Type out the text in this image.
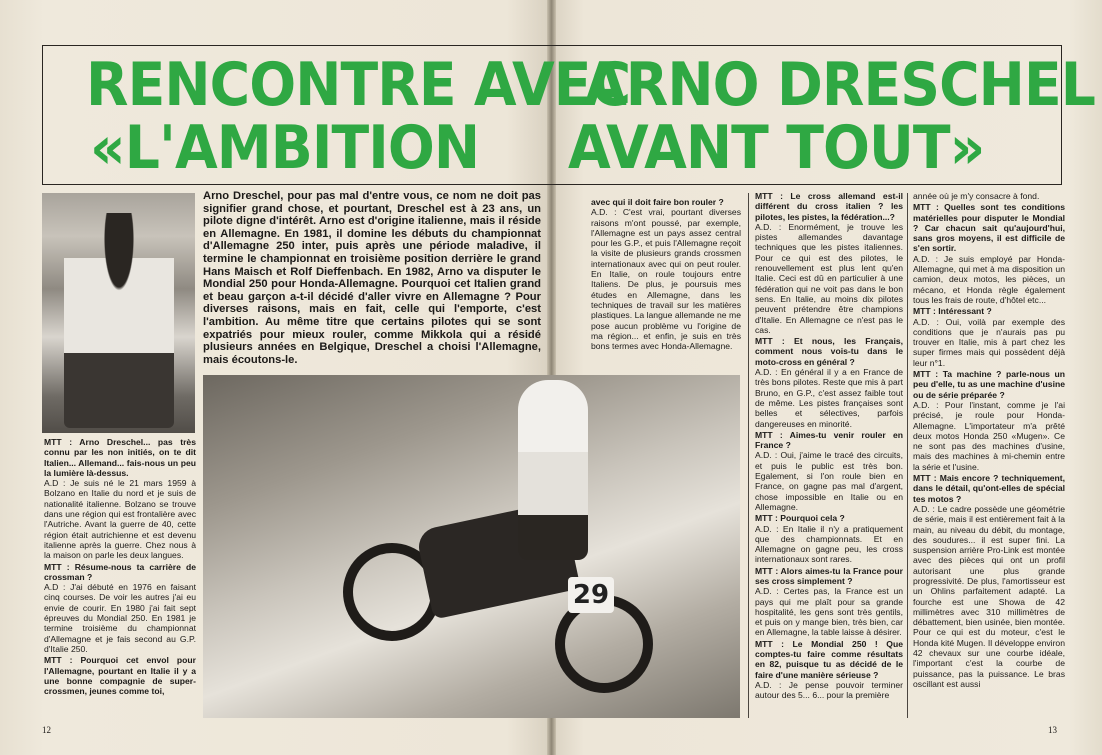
RENCONTRE AVEC
ARNO DRESCHEL
«L'AMBITION AVANT TOUT»
Arno Dreschel, pour pas mal d'entre vous, ce nom ne doit pas signifier grand chose, et pourtant, Dreschel est à 23 ans, un pilote digne d'intérêt. Arno est d'origine italienne, mais il réside en Allemagne. En 1981, il domine les débuts du championnat d'Allemagne 250 inter, puis après une période maladive, il termine le championnat en troisième position derrière le grand Hans Maisch et Rolf Dieffenbach. En 1982, Arno va disputer le Mondial 250 pour Honda-Allemagne. Pourquoi cet Italien grand et beau garçon a-t-il décidé d'aller vivre en Allemagne ? Pour diverses raisons, mais en fait, celle qui l'emporte, c'est l'ambition. Au même titre que certains pilotes qui se sont expatriés pour mieux rouler, comme Mikkola qui a résidé plusieurs années en Belgique, Dreschel a choisi l'Allemagne, mais écoutons-le.
29

MTT : Arno Dreschel... pas très connu par les non initiés, on te dit Italien... Allemand... fais-nous un peu la lumière là-dessus.
A.D : Je suis né le 21 mars 1959 à Bolzano en Italie du nord et je suis de nationalité italienne. Bolzano se trouve dans une région qui est frontalière avec l'Autriche. Avant la guerre de 40, cette région était autrichienne et est devenu italienne après la guerre. Chez nous à la maison on parle les deux langues.

MTT : Résume-nous ta carrière de crossman ?
A.D : J'ai débuté en 1976 en faisant cinq courses. De voir les autres j'ai eu envie de courir. En 1980 j'ai fait sept épreuves du Mondial 250. En 1981 je termine troisième du championnat d'Allemagne et je fais second au G.P. d'Italie 250.

MTT : Pourquoi cet envol pour l'Allemagne, pourtant en Italie il y a une bonne compagnie de super-crossmen, jeunes comme toi,

avec qui il doit faire bon rouler ?
A.D. : C'est vrai, pourtant diverses raisons m'ont poussé, par exemple, l'Allemagne est un pays assez central pour les G.P., et puis l'Allemagne reçoit la visite de plusieurs grands crossmen internationaux avec qui on peut rouler. En Italie, on roule toujours entre Italiens. De plus, je poursuis mes études en Allemagne, dans les techniques de travail sur les matières plastiques. La langue allemande ne me pose aucun problème vu l'origine de ma région... et enfin, je suis en très bons termes avec Honda-Allemagne.

MTT : Le cross allemand est-il différent du cross italien ? les pilotes, les pistes, la fédération...?
A.D. : Enormément, je trouve les pistes allemandes davantage techniques que les pistes italiennes. Pour ce qui est des pilotes, le renouvellement est plus lent qu'en Italie. Ceci est dû en particulier à une fédération qui ne voit pas dans le bon sens. En Italie, au moins dix pilotes peuvent prétendre être champions d'Italie. En Allemagne ce n'est pas le cas.

MTT : Et nous, les Français, comment nous vois-tu dans le moto-cross en général ?
A.D. : En général il y a en France de très bons pilotes. Reste que mis à part Bruno, en G.P., c'est assez faible tout de même. Les pistes françaises sont belles et sélectives, parfois dangereuses en minorité.

MTT : Aimes-tu venir rouler en France ?
A.D. : Oui, j'aime le tracé des circuits, et puis le public est très bon. Egalement, si l'on roule bien en France, on gagne pas mal d'argent, chose impossible en Italie ou en Allemagne.

MTT : Pourquoi cela ?
A.D. : En Italie il n'y a pratiquement que des championnats. Et en Allemagne on gagne peu, les cross internationaux sont rares.

MTT : Alors aimes-tu la France pour ses cross simplement ?
A.D. : Certes pas, la France est un pays qui me plaît pour sa grande hospitalité, les gens sont très gentils, et puis on y mange bien, très bien, car en Allemagne, la table laisse à désirer.

MTT : Le Mondial 250 ! Que comptes-tu faire comme résultats en 82, puisque tu as décidé de le faire d'une manière sérieuse ?
A.D. : Je pense pouvoir terminer autour des 5... 6... pour la première

année où je m'y consacre à fond.

MTT : Quelles sont tes conditions matérielles pour disputer le Mondial ? Car chacun sait qu'aujourd'hui, sans gros moyens, il est difficile de s'en sortir.
A.D. : Je suis employé par Honda-Allemagne, qui met à ma disposition un camion, deux motos, les pièces, un mécano, et Honda règle également tous les frais de route, d'hôtel etc...

MTT : Intéressant ?
A.D. : Oui, voilà par exemple des conditions que je n'aurais pas pu trouver en Italie, mis à part chez les super firmes mais qui possèdent déjà leur n°1.

MTT : Ta machine ? parle-nous un peu d'elle, tu as une machine d'usine ou de série préparée ?
A.D. : Pour l'instant, comme je l'ai précisé, je roule pour Honda-Allemagne. L'importateur m'a prêté deux motos Honda 250 «Mugen». Ce ne sont pas des machines d'usine, mais des machines à mi-chemin entre la série et l'usine.

MTT : Mais encore ? techniquement, dans le détail, qu'ont-elles de spécial tes motos ?
A.D. : Le cadre possède une géométrie de série, mais il est entièrement fait à la main, au niveau du débit, du montage, des soudures... il est super fini. La suspension arrière Pro-Link est montée avec des pièces qui ont un profil autorisant une plus grande progressivité. De plus, l'amortisseur est un Ohlins parfaitement adapté. La fourche est une Showa de 42 millimètres avec 310 millimètres de débattement, bien usinée, bien montée. Pour ce qui est du moteur, c'est le Honda kité Mugen. Il développe environ 42 chevaux sur une courbe idéale, l'important c'est la courbe de puissance, pas la puissance. Le bras oscillant est aussi

12	13
